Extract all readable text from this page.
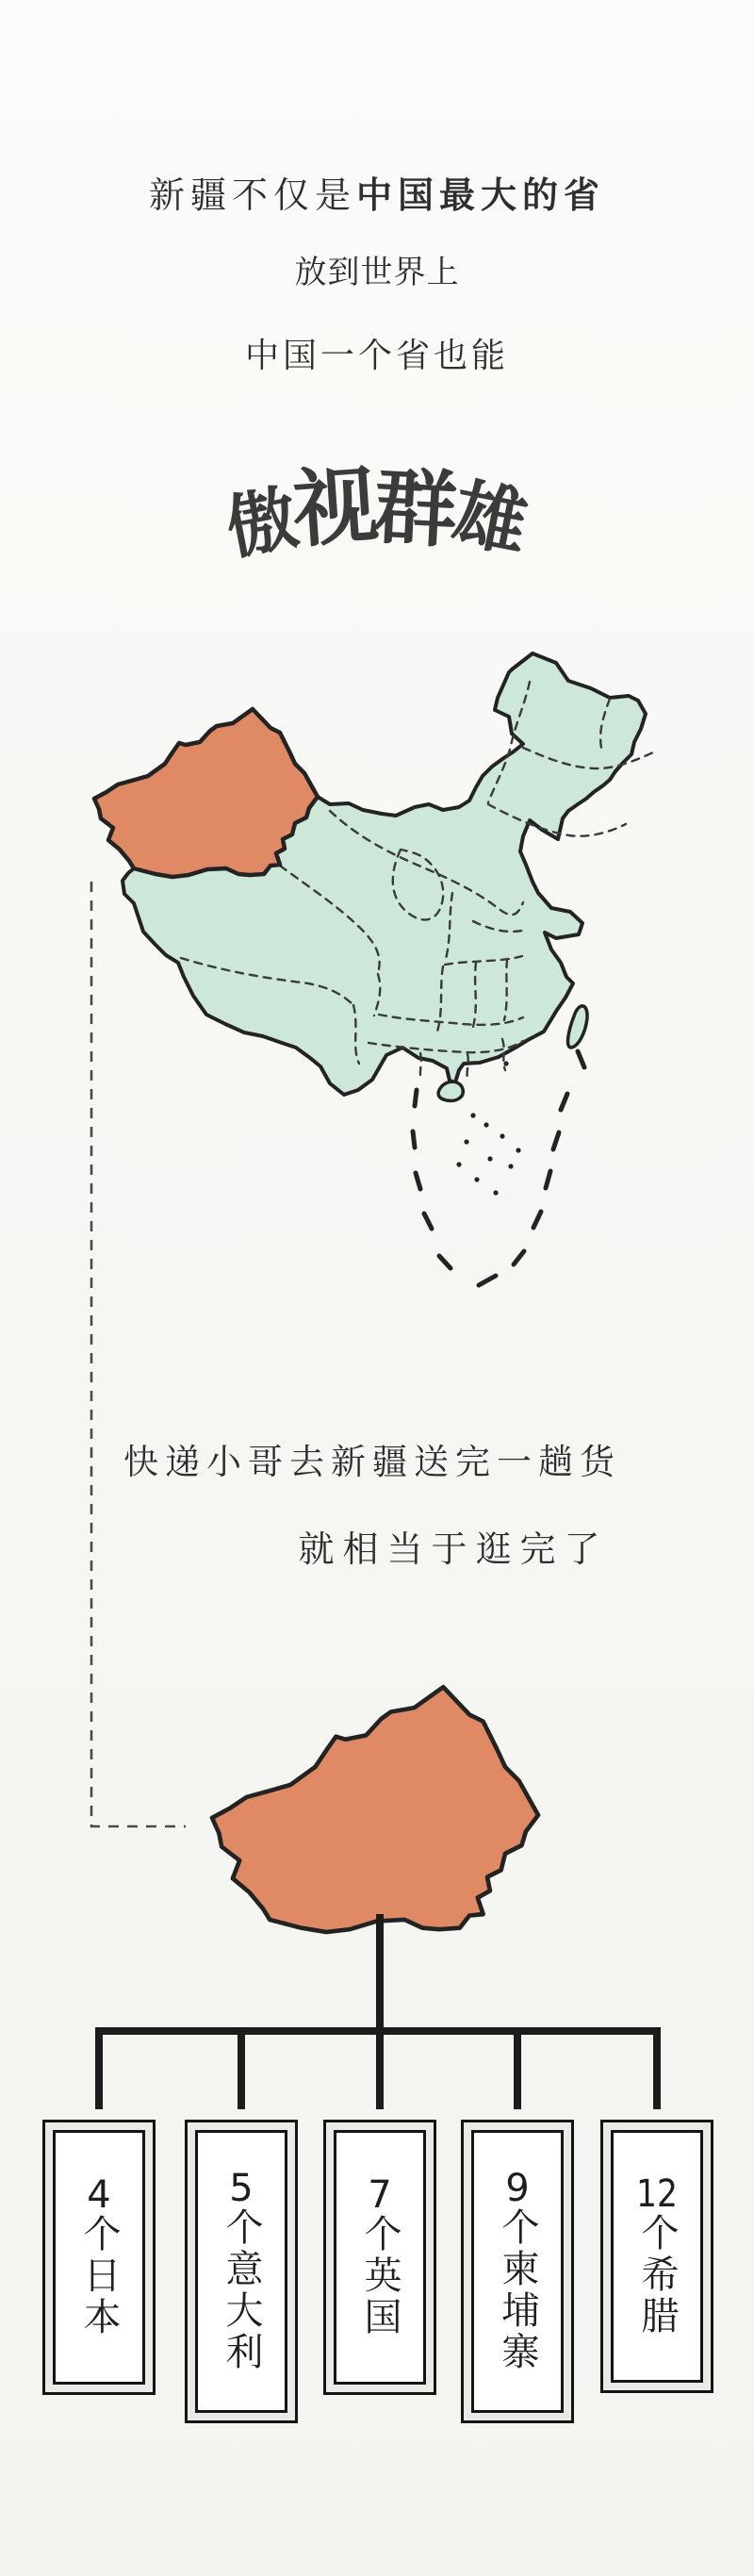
新疆不仅是中国最大的省
放到世界上
中国一个省也能
傲
视
群
雄
快递小哥去新疆送完一趟货
就相当于逛完了
4个日本
5个意大利
7个英国
9个柬埔寨
12个希腊
